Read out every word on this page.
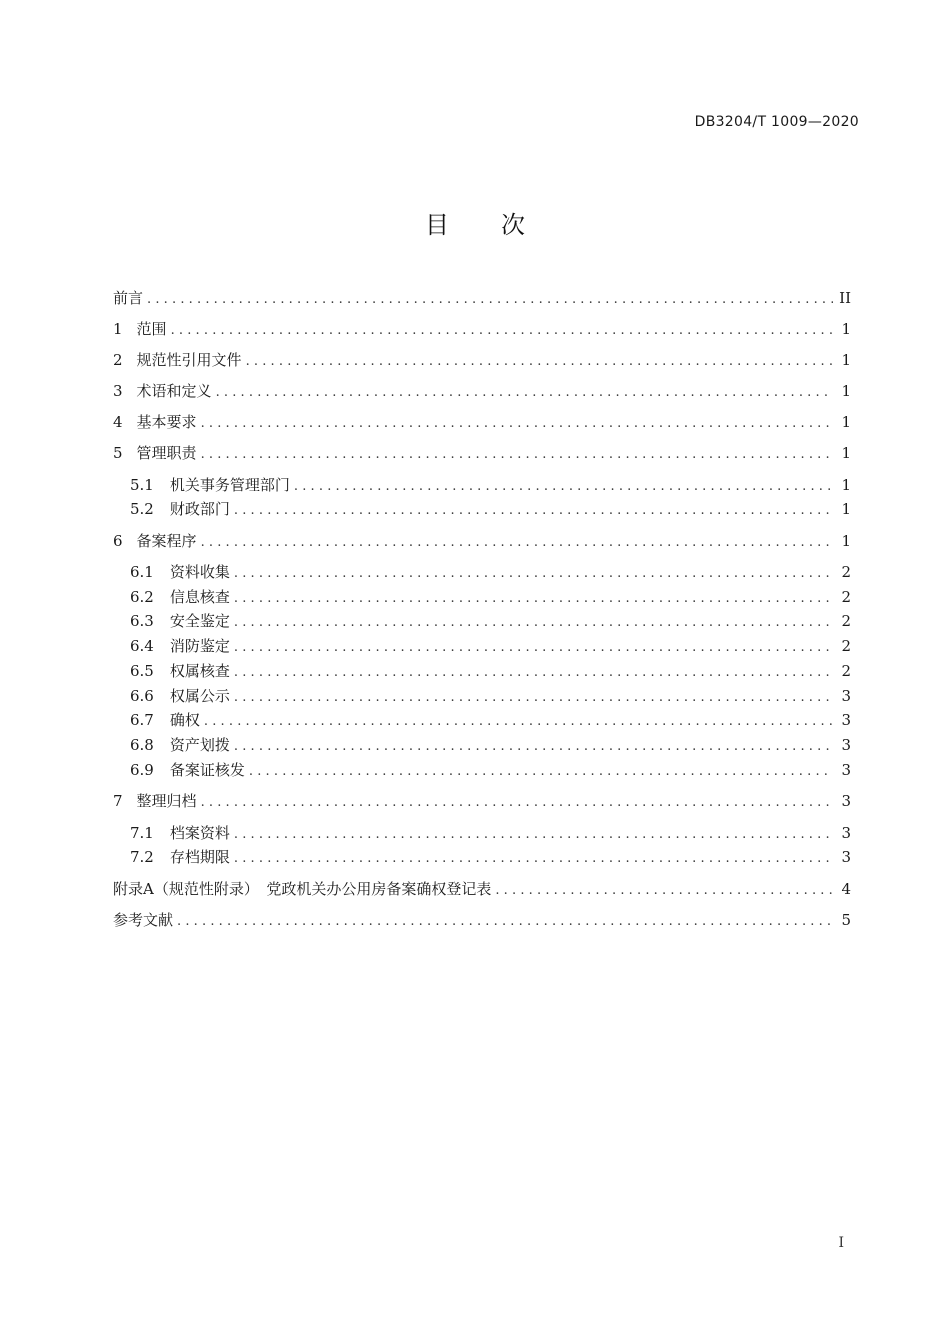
DB3204/T 1009—2020
目次
前言 .....	II
1 范围 .....	1
2 规范性引用文件 .....	1
3 术语和定义 .....	1
4 基本要求 .....	1
5 管理职责 .....	1
5.1 机关事务管理部门 .....	1
5.2 财政部门 .....	1
6 备案程序 .....	1
6.1 资料收集 .....	2
6.2 信息核查 .....	2
6.3 安全鉴定 .....	2
6.4 消防鉴定 .....	2
6.5 权属核查 .....	2
6.6 权属公示 .....	3
6.7 确权 .....	3
6.8 资产划拨 .....	3
6.9 备案证核发 .....	3
7 整理归档 .....	3
7.1 档案资料 .....	3
7.2 存档期限 .....	3
附录A（规范性附录）　党政机关办公用房备案确权登记表 .....	4
参考文献 .....	5
I
